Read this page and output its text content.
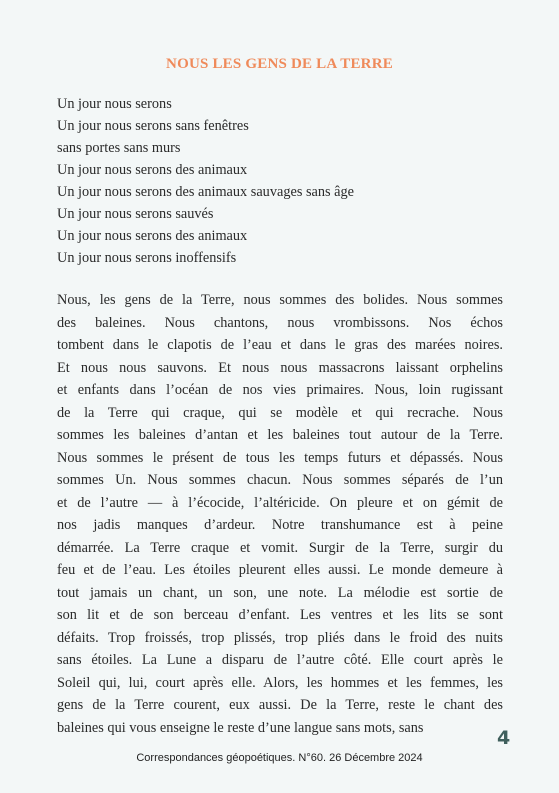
NOUS LES GENS DE LA TERRE
Un jour nous serons
Un jour nous serons sans fenêtres
sans portes sans murs
Un jour nous serons des animaux
Un jour nous serons des animaux sauvages sans âge
Un jour nous serons sauvés
Un jour nous serons des animaux
Un jour nous serons inoffensifs
Nous, les gens de la Terre, nous sommes des bolides. Nous sommes
des baleines. Nous chantons, nous vrombissons. Nos échos
tombent dans le clapotis de l’eau et dans le gras des marées noires.
Et nous nous sauvons. Et nous nous massacrons laissant orphelins
et enfants dans l’océan de nos vies primaires. Nous, loin rugissant
de la Terre qui craque, qui se modèle et qui recrache. Nous
sommes les baleines d’antan et les baleines tout autour de la Terre.
Nous sommes le présent de tous les temps futurs et dépassés. Nous
sommes Un. Nous sommes chacun. Nous sommes séparés de l’un
et de l’autre — à l’écocide, l’altéricide. On pleure et on gémit de
nos jadis manques d’ardeur. Notre transhumance est à peine
démarrée. La Terre craque et vomit. Surgir de la Terre, surgir du
feu et de l’eau. Les étoiles pleurent elles aussi. Le monde demeure à
tout jamais un chant, un son, une note. La mélodie est sortie de
son lit et de son berceau d’enfant. Les ventres et les lits se sont
défaits. Trop froissés, trop plissés, trop pliés dans le froid des nuits
sans étoiles. La Lune a disparu de l’autre côté. Elle court après le
Soleil qui, lui, court après elle. Alors, les hommes et les femmes, les
gens de la Terre courent, eux aussi. De la Terre, reste le chant des
baleines qui vous enseigne le reste d’une langue sans mots, sans	4
Correspondances géopoétiques. N°60. 26 Décembre 2024
